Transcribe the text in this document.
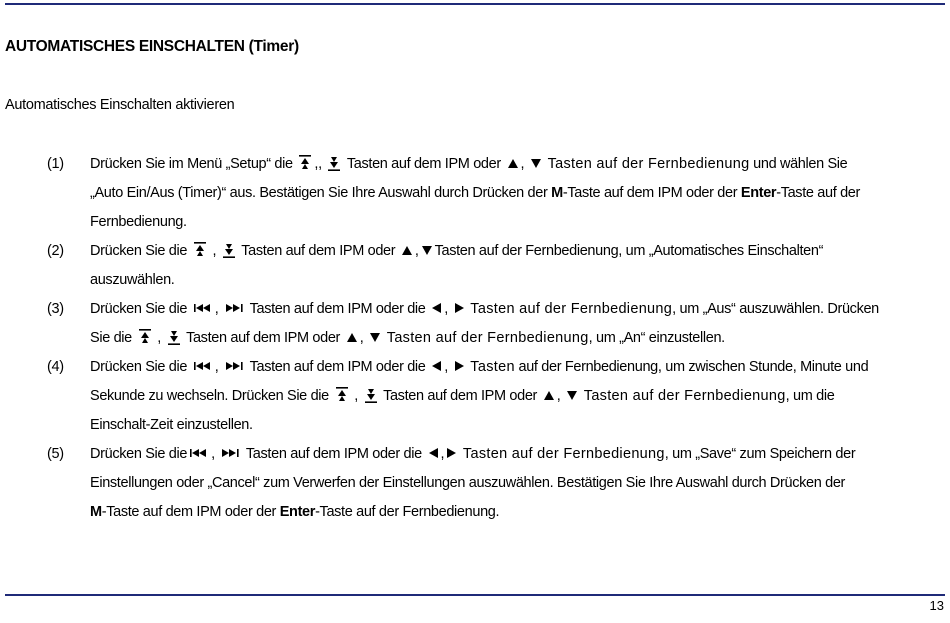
AUTOMATISCHES EINSCHALTEN (Timer)
Automatisches Einschalten aktivieren
(1) Drücken Sie im Menü „Setup“ die ,, Tasten auf dem IPM oder , Tasten auf der Fernbedienung und wählen Sie
„Auto Ein/Aus (Timer)“ aus. Bestätigen Sie Ihre Auswahl durch Drücken der M-Taste auf dem IPM oder der Enter-Taste auf der
Fernbedienung.
(2) Drücken Sie die , Tasten auf dem IPM oder , Tasten auf der Fernbedienung, um „Automatisches Einschalten“
auszuwählen.
(3) Drücken Sie die , Tasten auf dem IPM oder die , Tasten auf der Fernbedienung, um „Aus“ auszuwählen. Drücken
Sie die , Tasten auf dem IPM oder , Tasten auf der Fernbedienung, um „An“ einzustellen.
(4) Drücken Sie die , Tasten auf dem IPM oder die , Tasten auf der Fernbedienung, um zwischen Stunde, Minute und
Sekunde zu wechseln. Drücken Sie die , Tasten auf dem IPM oder , Tasten auf der Fernbedienung, um die
Einschalt-Zeit einzustellen.
(5) Drücken Sie die , Tasten auf dem IPM oder die , Tasten auf der Fernbedienung, um „Save“ zum Speichern der
Einstellungen oder „Cancel“ zum Verwerfen der Einstellungen auszuwählen. Bestätigen Sie Ihre Auswahl durch Drücken der
M-Taste auf dem IPM oder der Enter-Taste auf der Fernbedienung.
13
